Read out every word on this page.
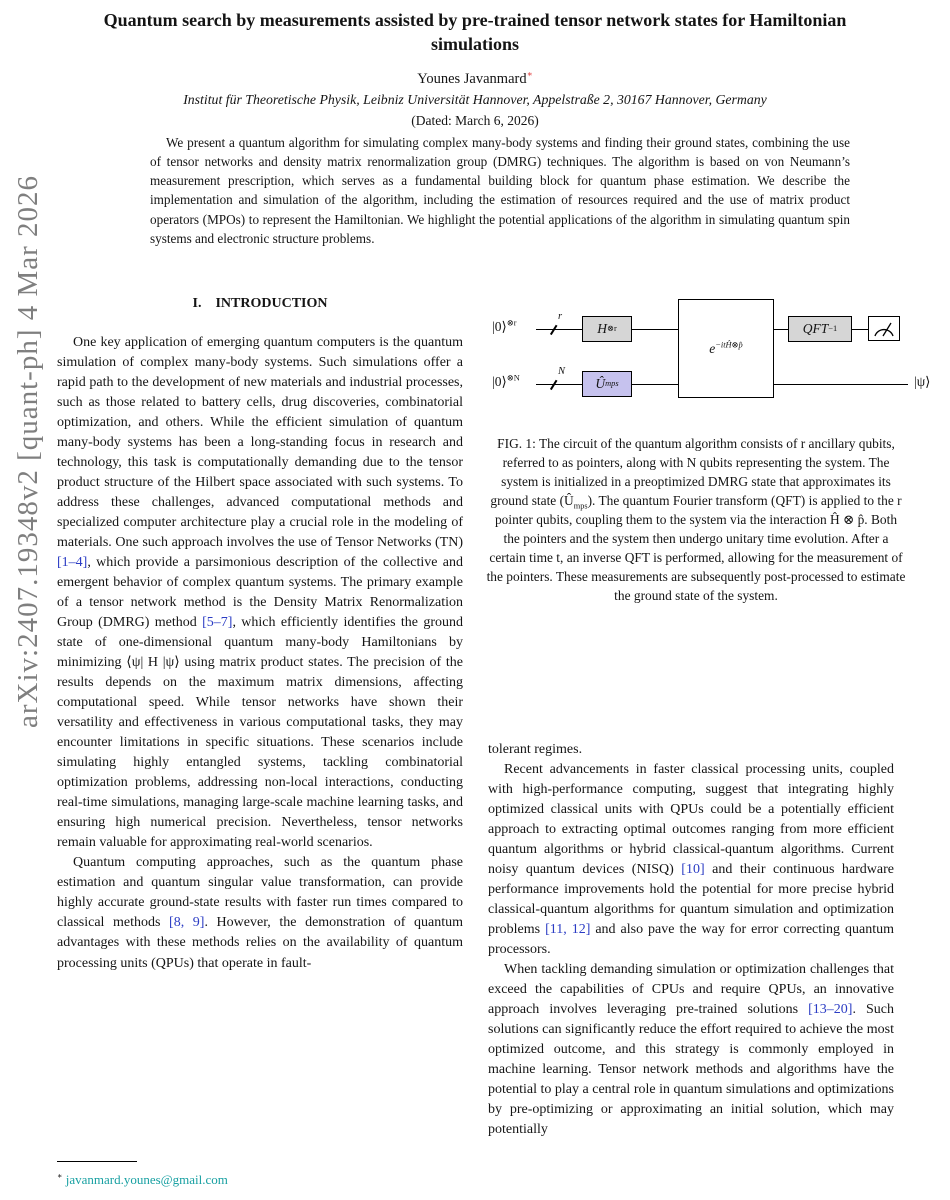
arXiv:2407.19348v2 [quant-ph] 4 Mar 2026
Quantum search by measurements assisted by pre-trained tensor network states for Hamiltonian simulations
Younes Javanmard∗
Institut für Theoretische Physik, Leibniz Universität Hannover, Appelstraße 2, 30167 Hannover, Germany
(Dated: March 6, 2026)

We present a quantum algorithm for simulating complex many-body systems and finding their ground states, combining the use of tensor networks and density matrix renormalization group (DMRG) techniques. The algorithm is based on von Neumann’s measurement prescription, which serves as a fundamental building block for quantum phase estimation. We describe the implementation and simulation of the algorithm, including the estimation of resources required and the use of matrix product operators (MPOs) to represent the Hamiltonian. We highlight the potential applications of the algorithm in simulating quantum spin systems and electronic structure problems.

I.  INTRODUCTION

One key application of emerging quantum computers is the quantum simulation of complex many-body systems. Such simulations offer a rapid path to the development of new materials and industrial processes, such as those related to battery cells, drug discoveries, combinatorial optimization, and others. While the efficient simulation of quantum many-body systems has been a long-standing focus in research and technology, this task is computationally demanding due to the tensor product structure of the Hilbert space associated with such systems. To address these challenges, advanced computational methods and specialized computer architecture play a crucial role in the modeling of materials. One such approach involves the use of Tensor Networks (TN) [1–4], which provide a parsimonious description of the collective and emergent behavior of complex quantum systems. The primary example of a tensor network method is the Density Matrix Renormalization Group (DMRG) method [5–7], which efficiently identifies the ground state of one-dimensional quantum many-body Hamiltonians by minimizing ⟨ψ| H |ψ⟩ using matrix product states. The precision of the results depends on the maximum matrix dimensions, affecting computational speed. While tensor networks have shown their versatility and effectiveness in various computational tasks, they may encounter limitations in specific situations. These scenarios include simulating highly entangled systems, tackling combinatorial optimization problems, addressing non-local interactions, conducting real-time simulations, managing large-scale machine learning tasks, and ensuring high numerical precision. Nevertheless, tensor networks remain valuable for approximating real-world scenarios.

Quantum computing approaches, such as the quantum phase estimation and quantum singular value transformation, can provide highly accurate ground-state results with faster run times compared to classical methods [8, 9]. However, the demonstration of quantum advantages with these methods relies on the availability of quantum processing units (QPUs) that operate in fault-

|0⟩$^{\otimes r}$
|0⟩$^{\otimes N}$
r
N
H ⊗r
Û mps
$e^{-itĤ\otimes p̂}$
QFT −1
|ψ⟩
FIG. 1: The circuit of the quantum algorithm consists of r ancillary qubits, referred to as pointers, along with N qubits representing the system. The system is initialized in a preoptimized DMRG state that approximates its ground state $(Û_{mps})$. The quantum Fourier transform (QFT) is applied to the r pointer qubits, coupling them to the system via the interaction Ĥ ⊗ p̂. Both the pointers and the system then undergo unitary time evolution. After a certain time t, an inverse QFT is performed, allowing for the measurement of the pointers. These measurements are subsequently post-processed to estimate the ground state of the system.

tolerant regimes.

Recent advancements in faster classical processing units, coupled with high-performance computing, suggest that integrating highly optimized classical units with QPUs could be a potentially efficient approach to extracting optimal outcomes ranging from more efficient quantum algorithms or hybrid classical-quantum algorithms. Current noisy quantum devices (NISQ) [10] and their continuous hardware performance improvements hold the potential for more precise hybrid classical-quantum algorithms for quantum simulation and optimization problems [11, 12] and also pave the way for error correcting quantum processors.

When tackling demanding simulation or optimization challenges that exceed the capabilities of CPUs and require QPUs, an innovative approach involves leveraging pre-trained solutions [13–20]. Such solutions can significantly reduce the effort required to achieve the most optimized outcome, and this strategy is commonly employed in machine learning. Tensor network methods and algorithms have the potential to play a central role in quantum simulations and optimizations by pre-optimizing or approximating an initial solution, which may potentially

∗ javanmard.younes@gmail.com
